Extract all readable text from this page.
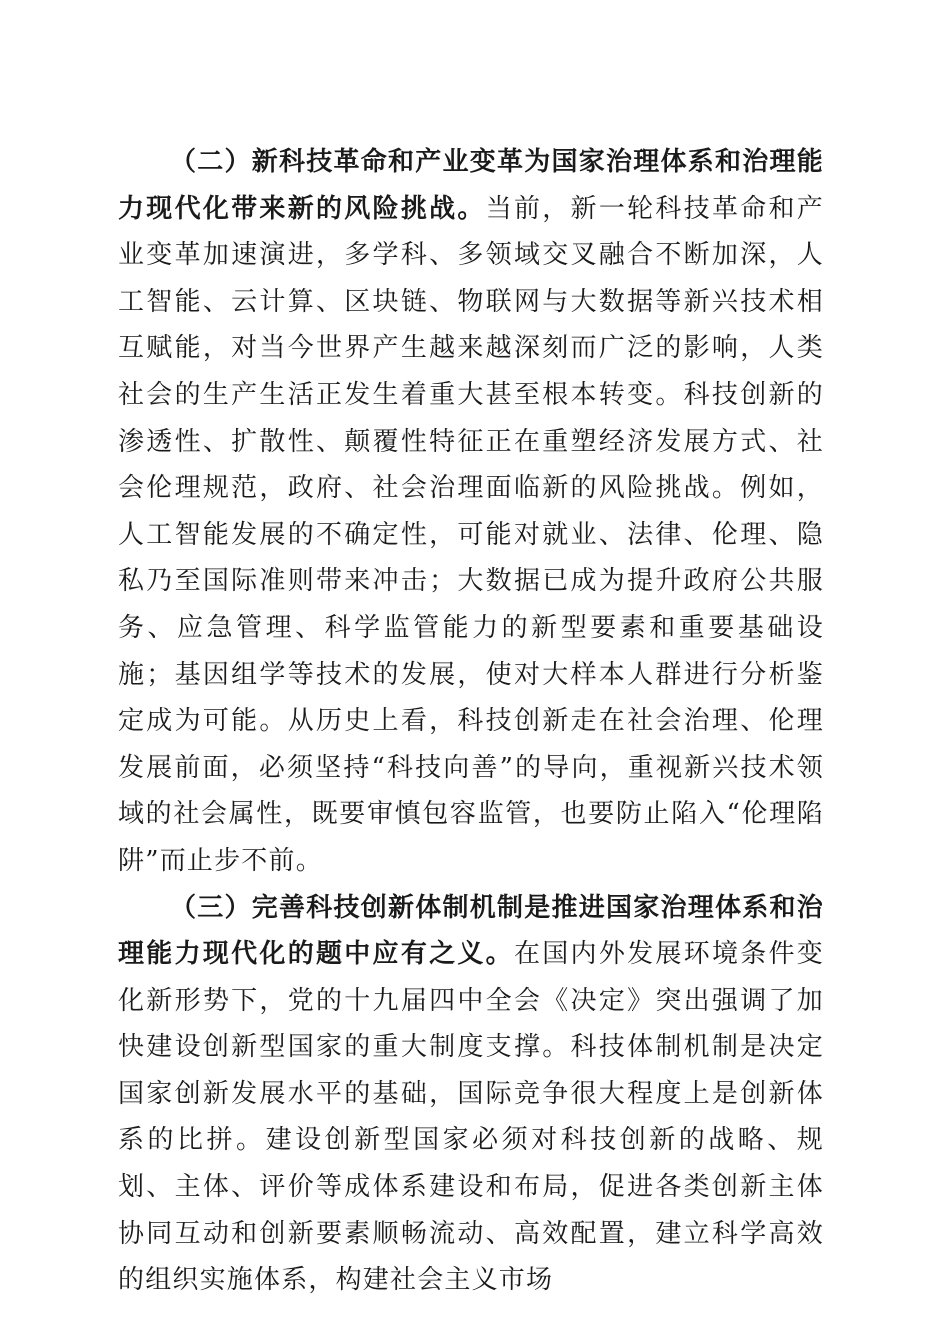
（二）新科技革命和产业变革为国家治理体系和治理能力现代化带来新的风险挑战。当前，新一轮科技革命和产业变革加速演进，多学科、多领域交叉融合不断加深，人工智能、云计算、区块链、物联网与大数据等新兴技术相互赋能，对当今世界产生越来越深刻而广泛的影响，人类社会的生产生活正发生着重大甚至根本转变。科技创新的渗透性、扩散性、颠覆性特征正在重塑经济发展方式、社会伦理规范，政府、社会治理面临新的风险挑战。例如，人工智能发展的不确定性，可能对就业、法律、伦理、隐私乃至国际准则带来冲击；大数据已成为提升政府公共服务、应急管理、科学监管能力的新型要素和重要基础设施；基因组学等技术的发展，使对大样本人群进行分析鉴定成为可能。从历史上看，科技创新走在社会治理、伦理发展前面，必须坚持“科技向善”的导向，重视新兴技术领域的社会属性，既要审慎包容监管，也要防止陷入“伦理陷阱”而止步不前。

（三）完善科技创新体制机制是推进国家治理体系和治理能力现代化的题中应有之义。在国内外发展环境条件变化新形势下，党的十九届四中全会《决定》突出强调了加快建设创新型国家的重大制度支撑。科技体制机制是决定国家创新发展水平的基础，国际竞争很大程度上是创新体系的比拼。建设创新型国家必须对科技创新的战略、规划、主体、评价等成体系建设和布局，促进各类创新主体协同互动和创新要素顺畅流动、高效配置，建立科学高效的组织实施体系，构建社会主义市场
